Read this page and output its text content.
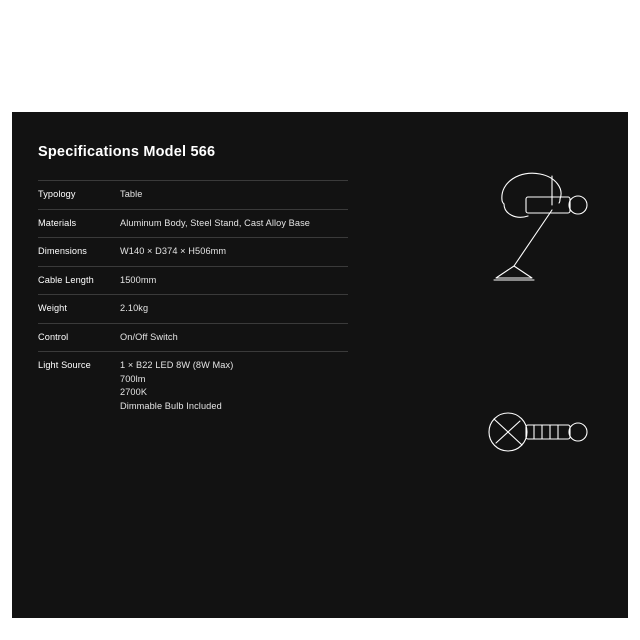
Specifications Model 566
Typology	Table
Materials	Aluminum Body, Steel Stand, Cast Alloy Base
Dimensions	W140 × D374 × H506mm
Cable Length	1500mm
Weight	2.10kg
Control	On/Off Switch
Light Source	1 × B22 LED 8W (8W Max)
700lm
2700K
Dimmable Bulb Included
